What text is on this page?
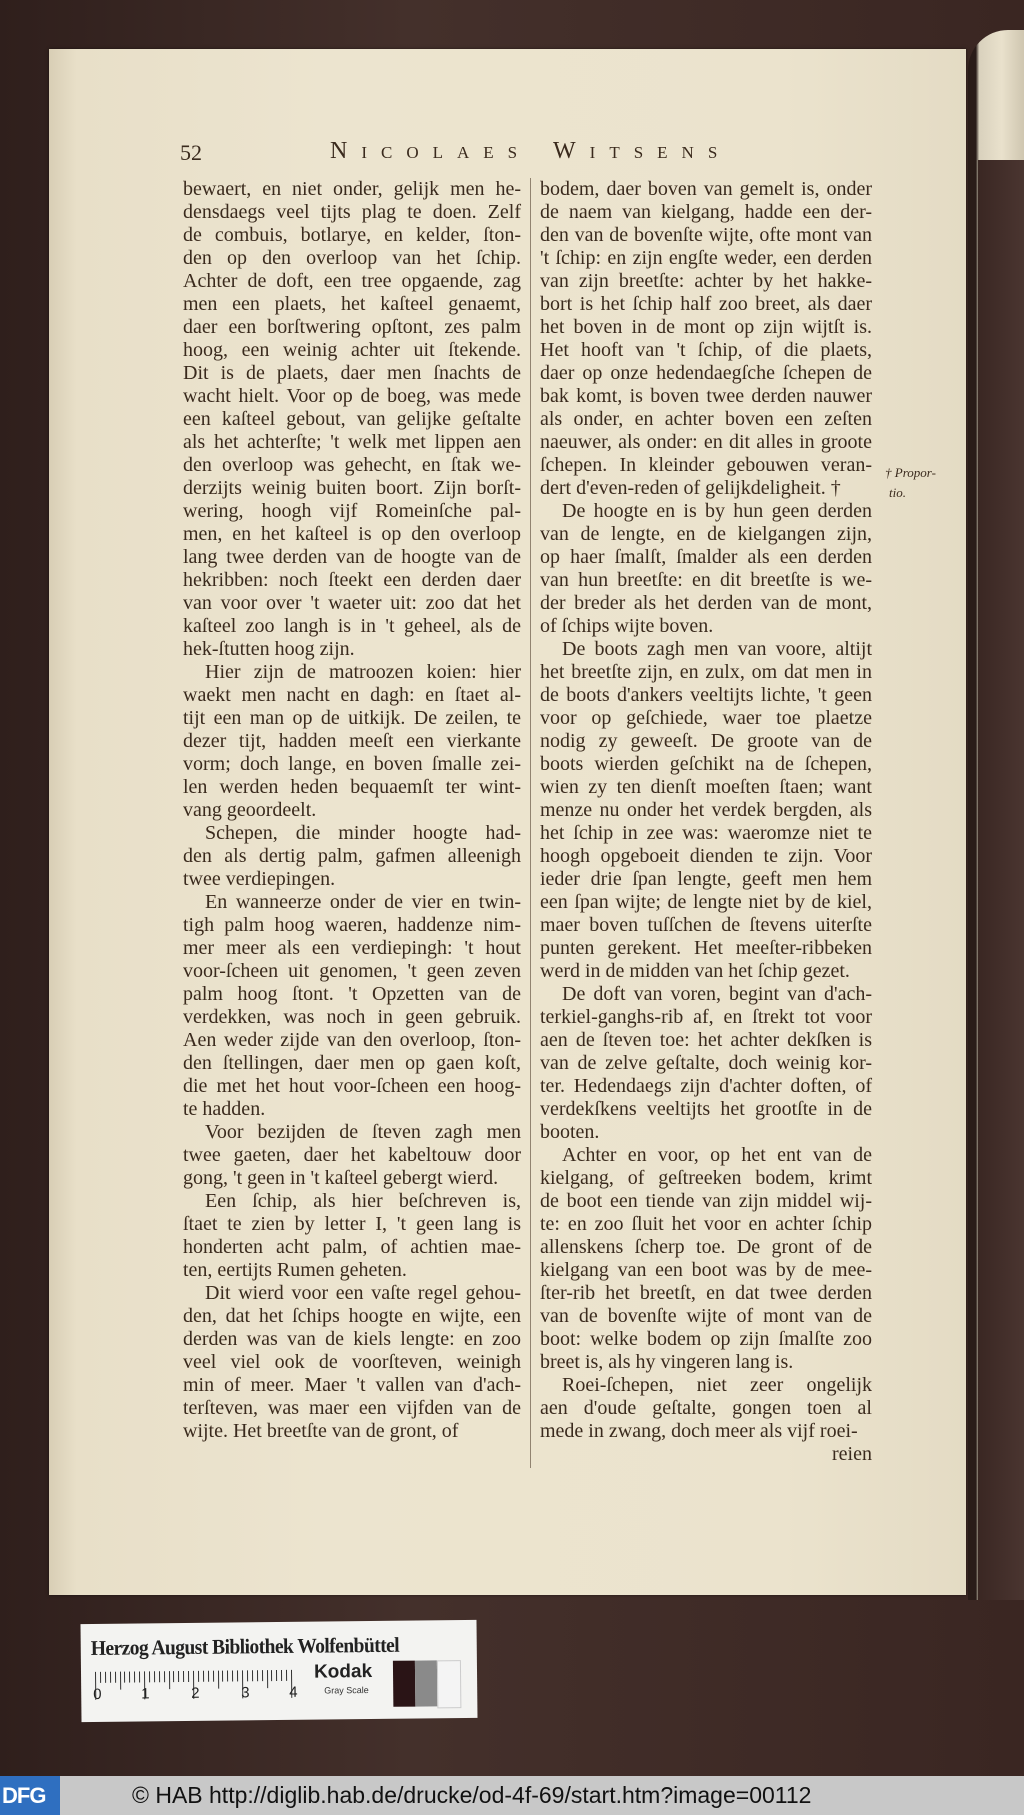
52	Nicolaes Witsens
bewaert, en niet onder, gelijk men he-
densdaegs veel tijts plag te doen. Zelf
de combuis, botlarye, en kelder, ſton-
den op den overloop van het ſchip.
Achter de doft, een tree opgaende, zag
men een plaets, het kaſteel genaemt,
daer een borſtwering opſtont, zes palm
hoog, een weinig achter uit ſtekende.
Dit is de plaets, daer men ſnachts de
wacht hielt. Voor op de boeg, was mede
een kaſteel gebout, van gelijke geſtalte
als het achterſte; 't welk met lippen aen
den overloop was gehecht, en ſtak we-
derzijts weinig buiten boort. Zijn borſt-
wering, hoogh vijf Romeinſche pal-
men, en het kaſteel is op den overloop
lang twee derden van de hoogte van de
hekribben: noch ſteekt een derden daer
van voor over 't waeter uit: zoo dat het
kaſteel zoo langh is in 't geheel, als de
hek-ſtutten hoog zijn.
Hier zijn de matroozen koien: hier
waekt men nacht en dagh: en ſtaet al-
tijt een man op de uitkijk. De zeilen, te
dezer tijt, hadden meeſt een vierkante
vorm; doch lange, en boven ſmalle zei-
len werden heden bequaemſt ter wint-
vang geoordeelt.
Schepen, die minder hoogte had-
den als dertig palm, gafmen alleenigh
twee verdiepingen.
En wanneerze onder de vier en twin-
tigh palm hoog waeren, haddenze nim-
mer meer als een verdiepingh: 't hout
voor-ſcheen uit genomen, 't geen zeven
palm hoog ſtont. 't Opzetten van de
verdekken, was noch in geen gebruik.
Aen weder zijde van den overloop, ſton-
den ſtellingen, daer men op gaen koſt,
die met het hout voor-ſcheen een hoog-
te hadden.
Voor bezijden de ſteven zagh men
twee gaeten, daer het kabeltouw door
gong, 't geen in 't kaſteel gebergt wierd.
Een ſchip, als hier beſchreven is,
ſtaet te zien by letter I, 't geen lang is
honderten acht palm, of achtien mae-
ten, eertijts Rumen geheten.
Dit wierd voor een vaſte regel gehou-
den, dat het ſchips hoogte en wijte, een
derden was van de kiels lengte: en zoo
veel viel ook de voorſteven, weinigh
min of meer. Maer 't vallen van d'ach-
terſteven, was maer een vijfden van de
wijte. Het breetſte van de gront, of
bodem, daer boven van gemelt is, onder
de naem van kielgang, hadde een der-
den van de bovenſte wijte, ofte mont van
't ſchip: en zijn engſte weder, een derden
van zijn breetſte: achter by het hakke-
bort is het ſchip half zoo breet, als daer
het boven in de mont op zijn wijtſt is.
Het hooft van 't ſchip, of die plaets,
daer op onze hedendaegſche ſchepen de
bak komt, is boven twee derden nauwer
als onder, en achter boven een zeſten
naeuwer, als onder: en dit alles in groote
ſchepen. In kleinder gebouwen veran-
dert d'even-reden of gelijkdeligheit. †
De hoogte en is by hun geen derden
van de lengte, en de kielgangen zijn,
op haer ſmalſt, ſmalder als een derden
van hun breetſte: en dit breetſte is we-
der breder als het derden van de mont,
of ſchips wijte boven.
De boots zagh men van voore, altijt
het breetſte zijn, en zulx, om dat men in
de boots d'ankers veeltijts lichte, 't geen
voor op geſchiede, waer toe plaetze
nodig zy geweeſt. De groote van de
boots wierden geſchikt na de ſchepen,
wien zy ten dienſt moeſten ſtaen; want
menze nu onder het verdek bergden, als
het ſchip in zee was: waeromze niet te
hoogh opgeboeit dienden te zijn. Voor
ieder drie ſpan lengte, geeft men hem
een ſpan wijte; de lengte niet by de kiel,
maer boven tuſſchen de ſtevens uiterſte
punten gerekent. Het meeſter-ribbeken
werd in de midden van het ſchip gezet.
De doft van voren, begint van d'ach-
terkiel-ganghs-rib af, en ſtrekt tot voor
aen de ſteven toe: het achter dekſken is
van de zelve geſtalte, doch weinig kor-
ter. Hedendaegs zijn d'achter doften, of
verdekſkens veeltijts het grootſte in de
booten.
Achter en voor, op het ent van de
kielgang, of geſtreeken bodem, krimt
de boot een tiende van zijn middel wij-
te: en zoo ſluit het voor en achter ſchip
allenskens ſcherp toe. De gront of de
kielgang van een boot was by de mee-
ſter-rib het breetſt, en dat twee derden
van de bovenſte wijte of mont van de
boot: welke bodem op zijn ſmalſte zoo
breet is, als hy vingeren lang is.
Roei-ſchepen, niet zeer ongelijk
aen d'oude geſtalte, gongen toen al
mede in zwang, doch meer als vijf roei-
† Propor-
tio.
reien
Herzog August Bibliothek Wolfenbüttel
0	1	2	3	4
Kodak
Gray Scale
DFG	© HAB http://diglib.hab.de/drucke/od-4f-69/start.htm?image=00112
